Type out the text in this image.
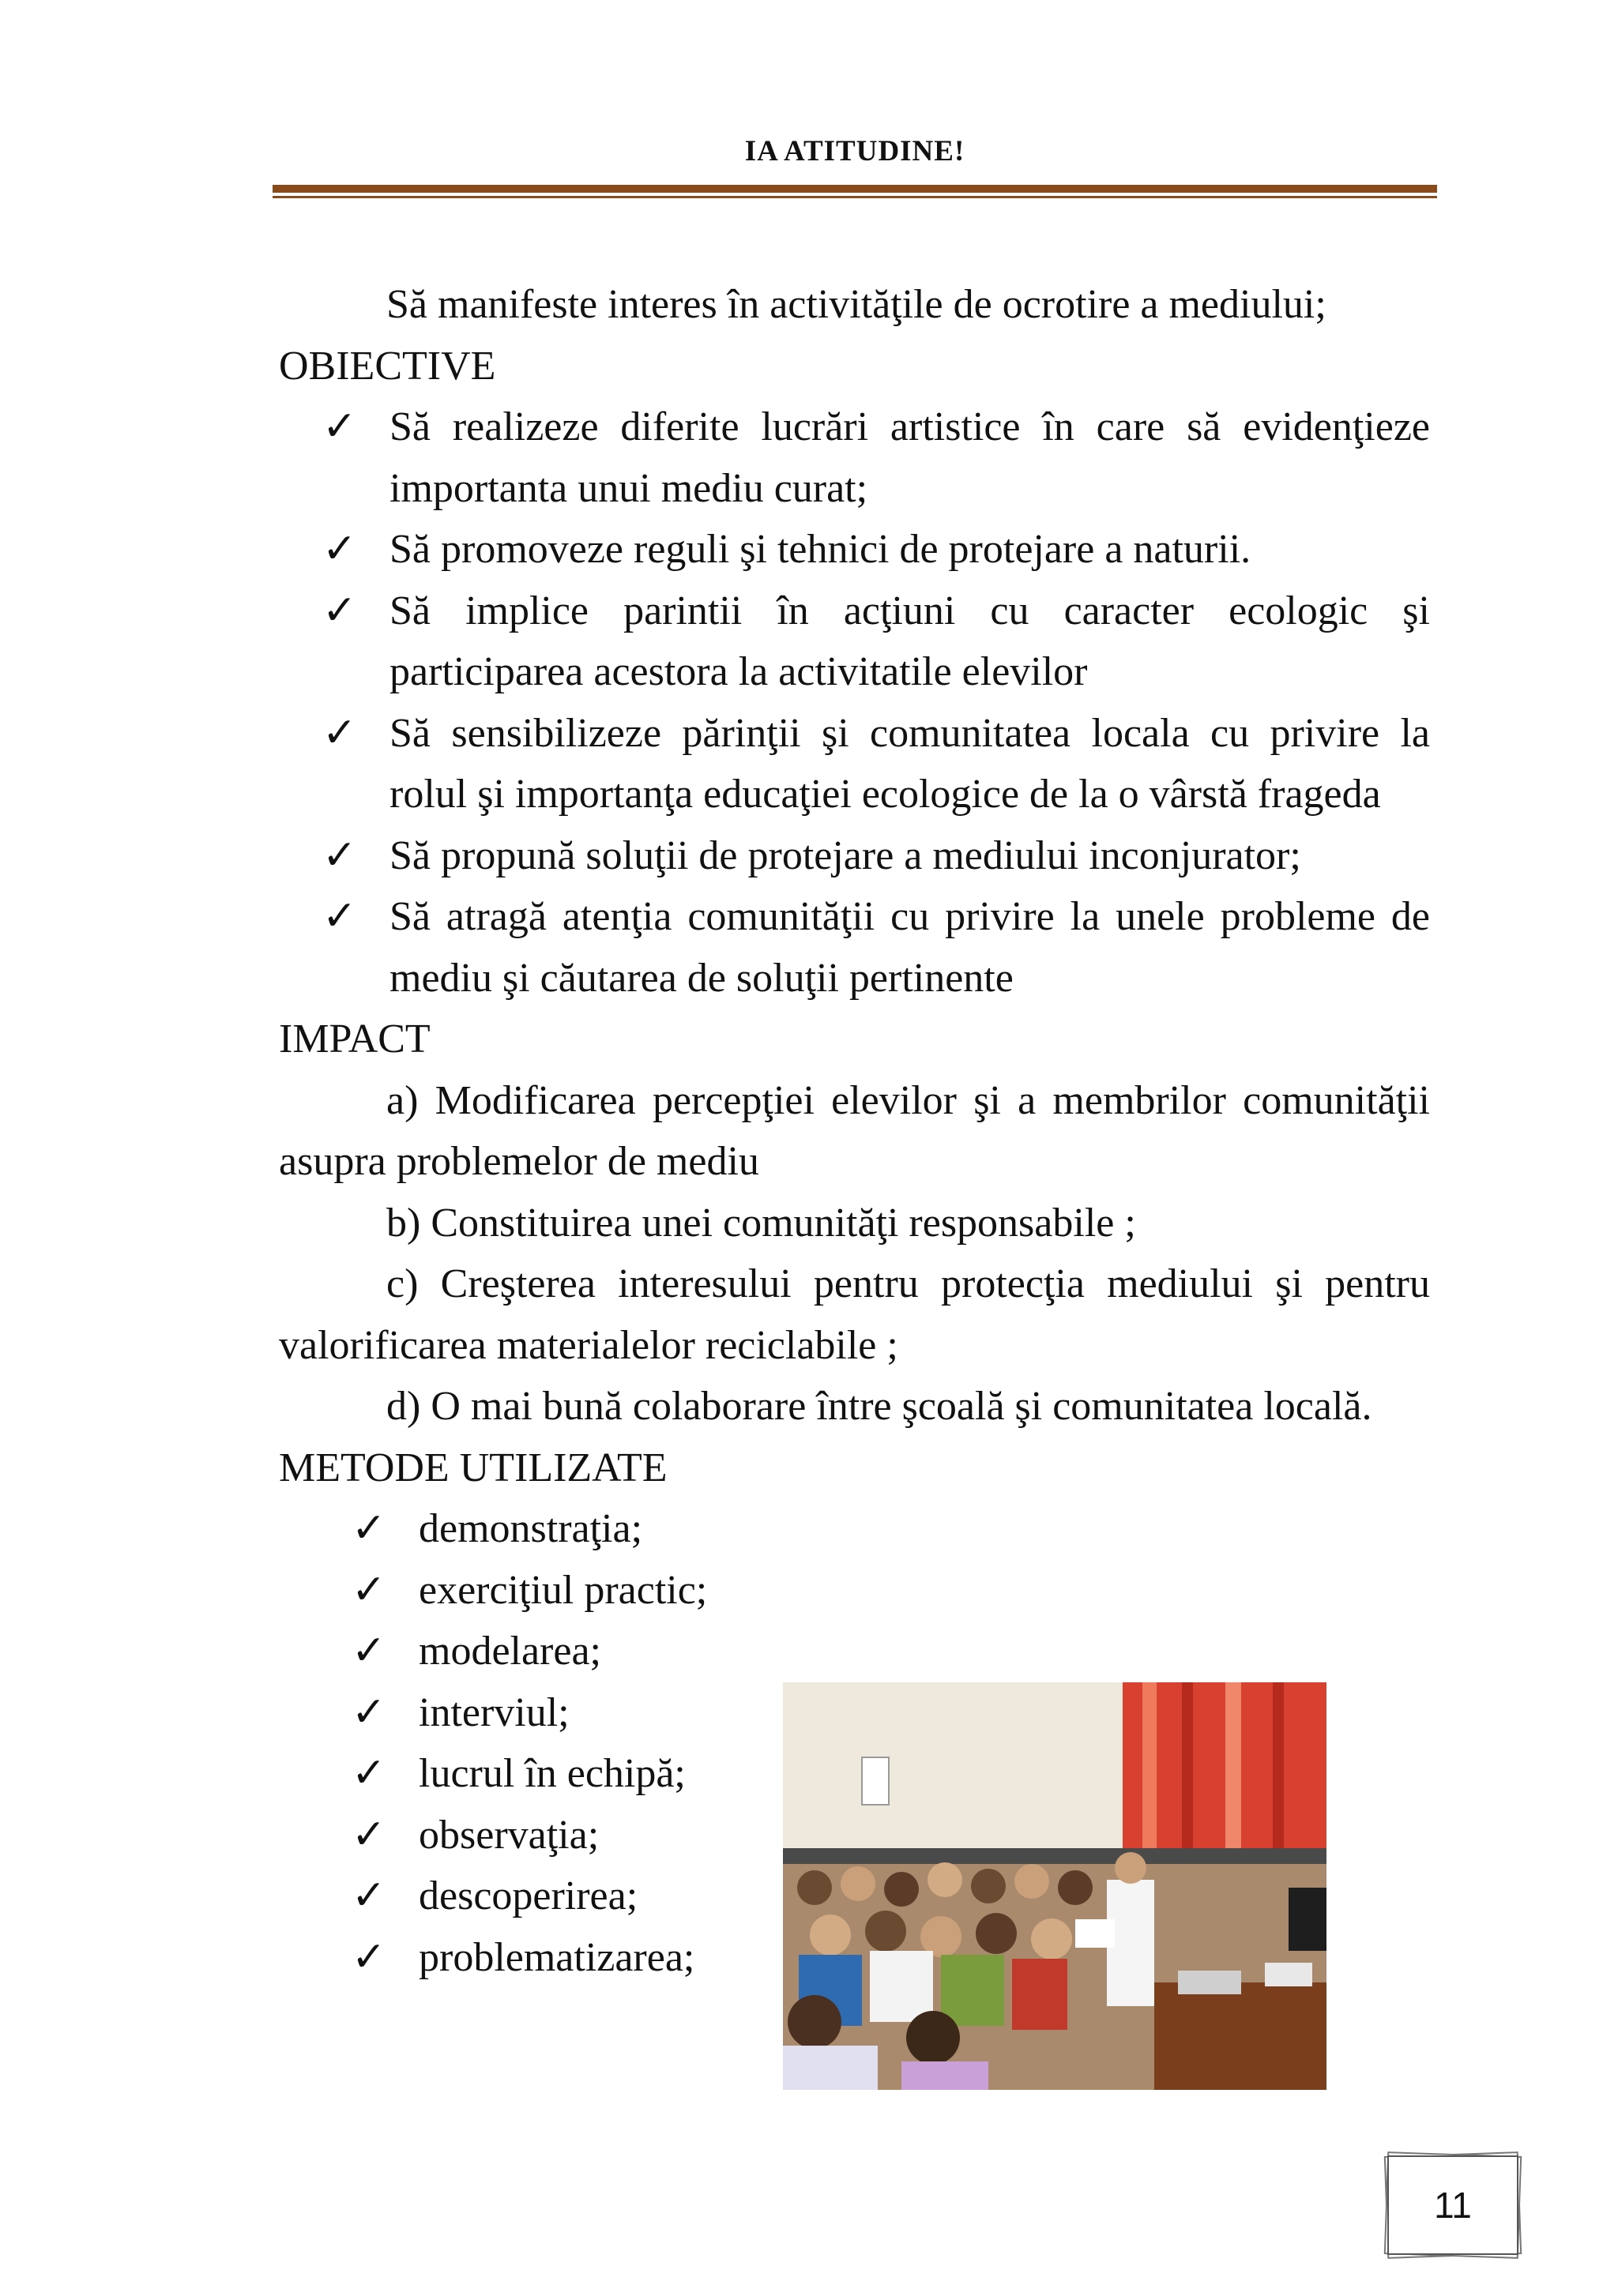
IA ATITUDINE!

Să manifeste interes în activităţile de ocrotire a mediului;

OBIECTIVE

✓ Să realizeze diferite lucrări artistice în care să evidenţieze importanta unui mediu curat;

✓ Să promoveze reguli şi tehnici de protejare a naturii.

✓ Să implice parintii în acţiuni cu caracter ecologic şi participarea acestora la activitatile elevilor

✓ Să sensibilizeze părinţii şi comunitatea locala cu privire la rolul şi importanţa educaţiei ecologice de la o vârstă frageda

✓ Să propună soluţii de protejare a mediului inconjurator;

✓ Să atragă atenţia comunităţii cu privire la unele probleme de mediu şi căutarea de soluţii pertinente

IMPACT

a) Modificarea percepţiei elevilor şi a membrilor comunităţii asupra problemelor de mediu

b) Constituirea unei comunităţi responsabile ;

c) Creşterea interesului pentru protecţia mediului şi pentru valorificarea materialelor reciclabile ;

d) O mai bună colaborare între şcoală şi comunitatea locală.

METODE UTILIZATE

✓ demonstraţia;

✓ exerciţiul practic;

✓ modelarea;

✓ interviul;

✓ lucrul în echipă;

✓ observaţia;

✓ descoperirea;

✓ problematizarea;

11
